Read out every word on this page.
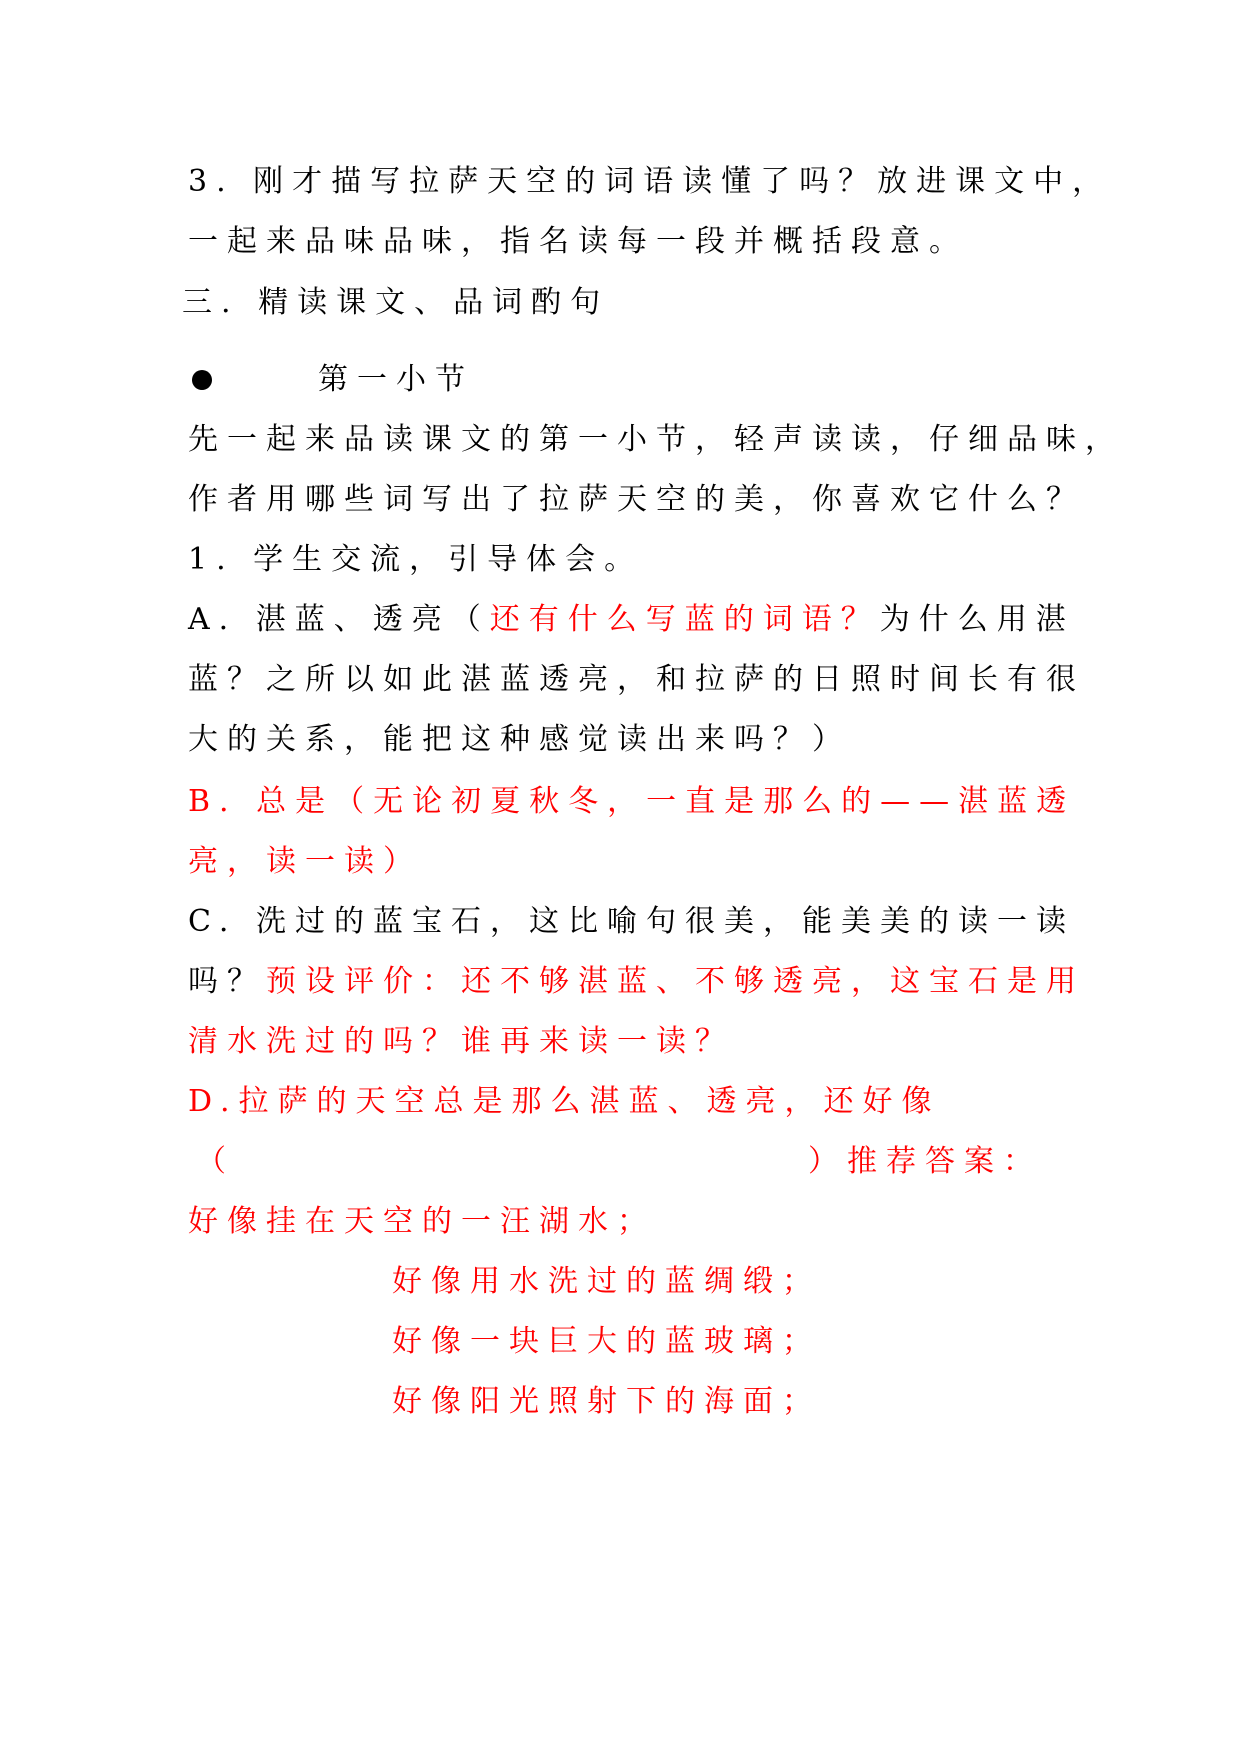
3. 刚才描写拉萨天空的词语读懂了吗？放进课文中，
一起来品味品味，指名读每一段并概括段意。
三. 精读课文、品词酌句
第一小节
先一起来品读课文的第一小节，轻声读读，仔细品味，
作者用哪些词写出了拉萨天空的美，你喜欢它什么？
1. 学生交流，引导体会。
A. 湛蓝、透亮（还有什么写蓝的词语？为什么用湛
蓝？之所以如此湛蓝透亮，和拉萨的日照时间长有很
大的关系，能把这种感觉读出来吗？）
B. 总是（无论初夏秋冬，一直是那么的——湛蓝透
亮，读一读）
C. 洗过的蓝宝石，这比喻句很美，能美美的读一读
吗？预设评价：还不够湛蓝、不够透亮，这宝石是用
清水洗过的吗？谁再来读一读？
D.拉萨的天空总是那么湛蓝、透亮，还好像
（	）推荐答案：
好像挂在天空的一汪湖水；
好像用水洗过的蓝绸缎；
好像一块巨大的蓝玻璃；
好像阳光照射下的海面；
